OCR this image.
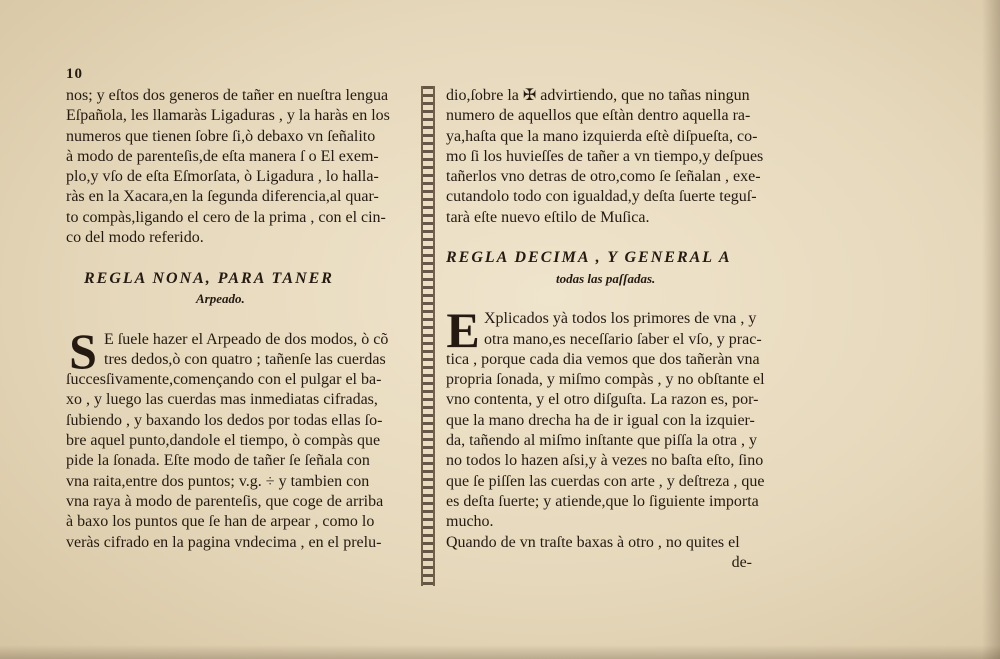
10
nos; y eſtos dos generos de tañer en nueſtra lengua
Eſpañola, les llamaràs Ligaduras , y la haràs en los
numeros que tienen ſobre ſi,ò debaxo vn ſeñalito
à modo de parenteſis,de eſta manera ſ o El exem-
plo,y vſo de eſta Eſmorſata, ò Ligadura , lo halla-
ràs en la Xacara,en la ſegunda diferencia,al quar-
to compàs,ligando el cero de la prima , con el cin-
co del modo referido.

REGLA NONA, PARA TANER
Arpeado.

S E ſuele hazer el Arpeado de dos modos, ò cõ
tres dedos,ò con quatro ; tañenſe las cuerdas
ſuccesſivamente,començando con el pulgar el ba-
xo , y luego las cuerdas mas inmediatas cifradas,
ſubiendo , y baxando los dedos por todas ellas ſo-
bre aquel punto,dandole el tiempo, ò compàs que
pide la ſonada. Eſte modo de tañer ſe ſeñala con
vna raita,entre dos puntos; v.g. ÷ y tambien con
vna raya à modo de parenteſis, que coge de arriba
à baxo los puntos que ſe han de arpear , como lo
veràs cifrado en la pagina vndecima , en el prelu-
dio,ſobre la ✠ advirtiendo, que no tañas ningun
numero de aquellos que eſtàn dentro aquella ra-
ya,haſta que la mano izquierda eſtè diſpueſta, co-
mo ſi los huvieſſes de tañer a vn tiempo,y deſpues
tañerlos vno detras de otro,como ſe ſeñalan , exe-
cutandolo todo con igualdad,y deſta ſuerte teguſ-
tarà eſte nuevo eſtilo de Muſica.

REGLA DECIMA , Y GENERAL A
todas las paſſadas.

E Xplicados yà todos los primores de vna , y
otra mano,es neceſſario ſaber el vſo, y prac-
tica , porque cada dia vemos que dos tañeràn vna
propria ſonada, y miſmo compàs , y no obſtante el
vno contenta, y el otro diſguſta. La razon es, por-
que la mano drecha ha de ir igual con la izquier-
da, tañendo al miſmo inſtante que piſſa la otra , y
no todos lo hazen aſsi,y à vezes no baſta eſto, ſino
que ſe piſſen las cuerdas con arte , y deſtreza , que
es deſta ſuerte; y atiende,que lo ſiguiente importa
mucho.
Quando de vn traſte baxas à otro , no quites el
de-
